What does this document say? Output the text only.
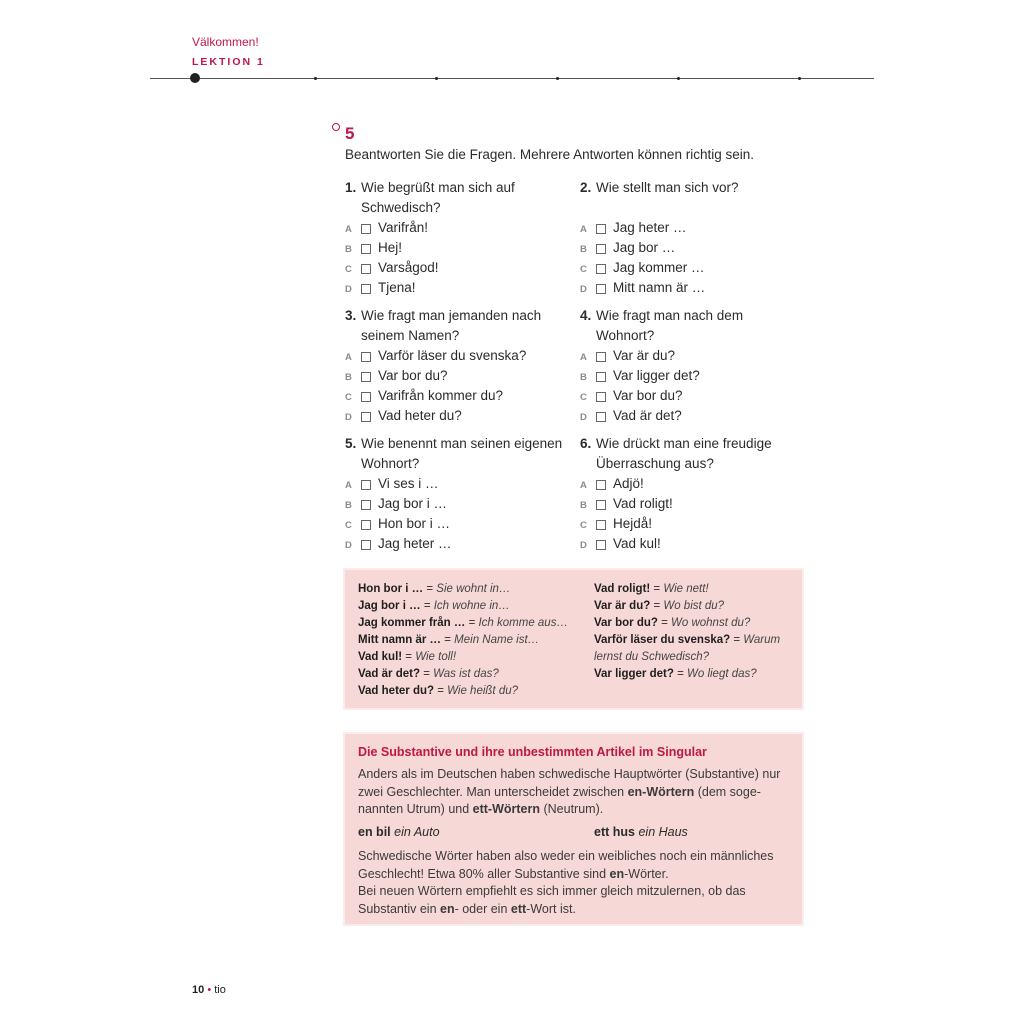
Välkommen!
LEKTION 1
5
Beantworten Sie die Fragen. Mehrere Antworten können richtig sein.
1. Wie begrüßt man sich auf Schwedisch?
A Varifrån!
B Hej!
C Varsågod!
D Tjena!
2. Wie stellt man sich vor?
A Jag heter …
B Jag bor …
C Jag kommer …
D Mitt namn är …
3. Wie fragt man jemanden nach seinem Namen?
A Varför läser du svenska?
B Var bor du?
C Varifrån kommer du?
D Vad heter du?
4. Wie fragt man nach dem Wohnort?
A Var är du?
B Var ligger det?
C Var bor du?
D Vad är det?
5. Wie benennt man seinen eigenen Wohnort?
A Vi ses i …
B Jag bor i …
C Hon bor i …
D Jag heter …
6. Wie drückt man eine freudige Überraschung aus?
A Adjö!
B Vad roligt!
C Hejdå!
D Vad kul!
Hon bor i … = Sie wohnt in…
Jag bor i … = Ich wohne in…
Jag kommer från … = Ich komme aus…
Mitt namn är … = Mein Name ist…
Vad kul! = Wie toll!
Vad är det? = Was ist das?
Vad heter du? = Wie heißt du?
Vad roligt! = Wie nett!
Var är du? = Wo bist du?
Var bor du? = Wo wohnst du?
Varför läser du svenska? = Warum lernst du Schwedisch?
Var ligger det? = Wo liegt das?
Die Substantive und ihre unbestimmten Artikel im Singular
Anders als im Deutschen haben schwedische Hauptwörter (Substantive) nur zwei Geschlechter. Man unterscheidet zwischen en-Wörtern (dem sogenannten Utrum) und ett-Wörtern (Neutrum).
en bil ein Auto	ett hus ein Haus
Schwedische Wörter haben also weder ein weibliches noch ein männliches Geschlecht! Etwa 80% aller Substantive sind en-Wörter.
Bei neuen Wörtern empfiehlt es sich immer gleich mitzulernen, ob das Substantiv ein en- oder ein ett-Wort ist.
10 • tio
